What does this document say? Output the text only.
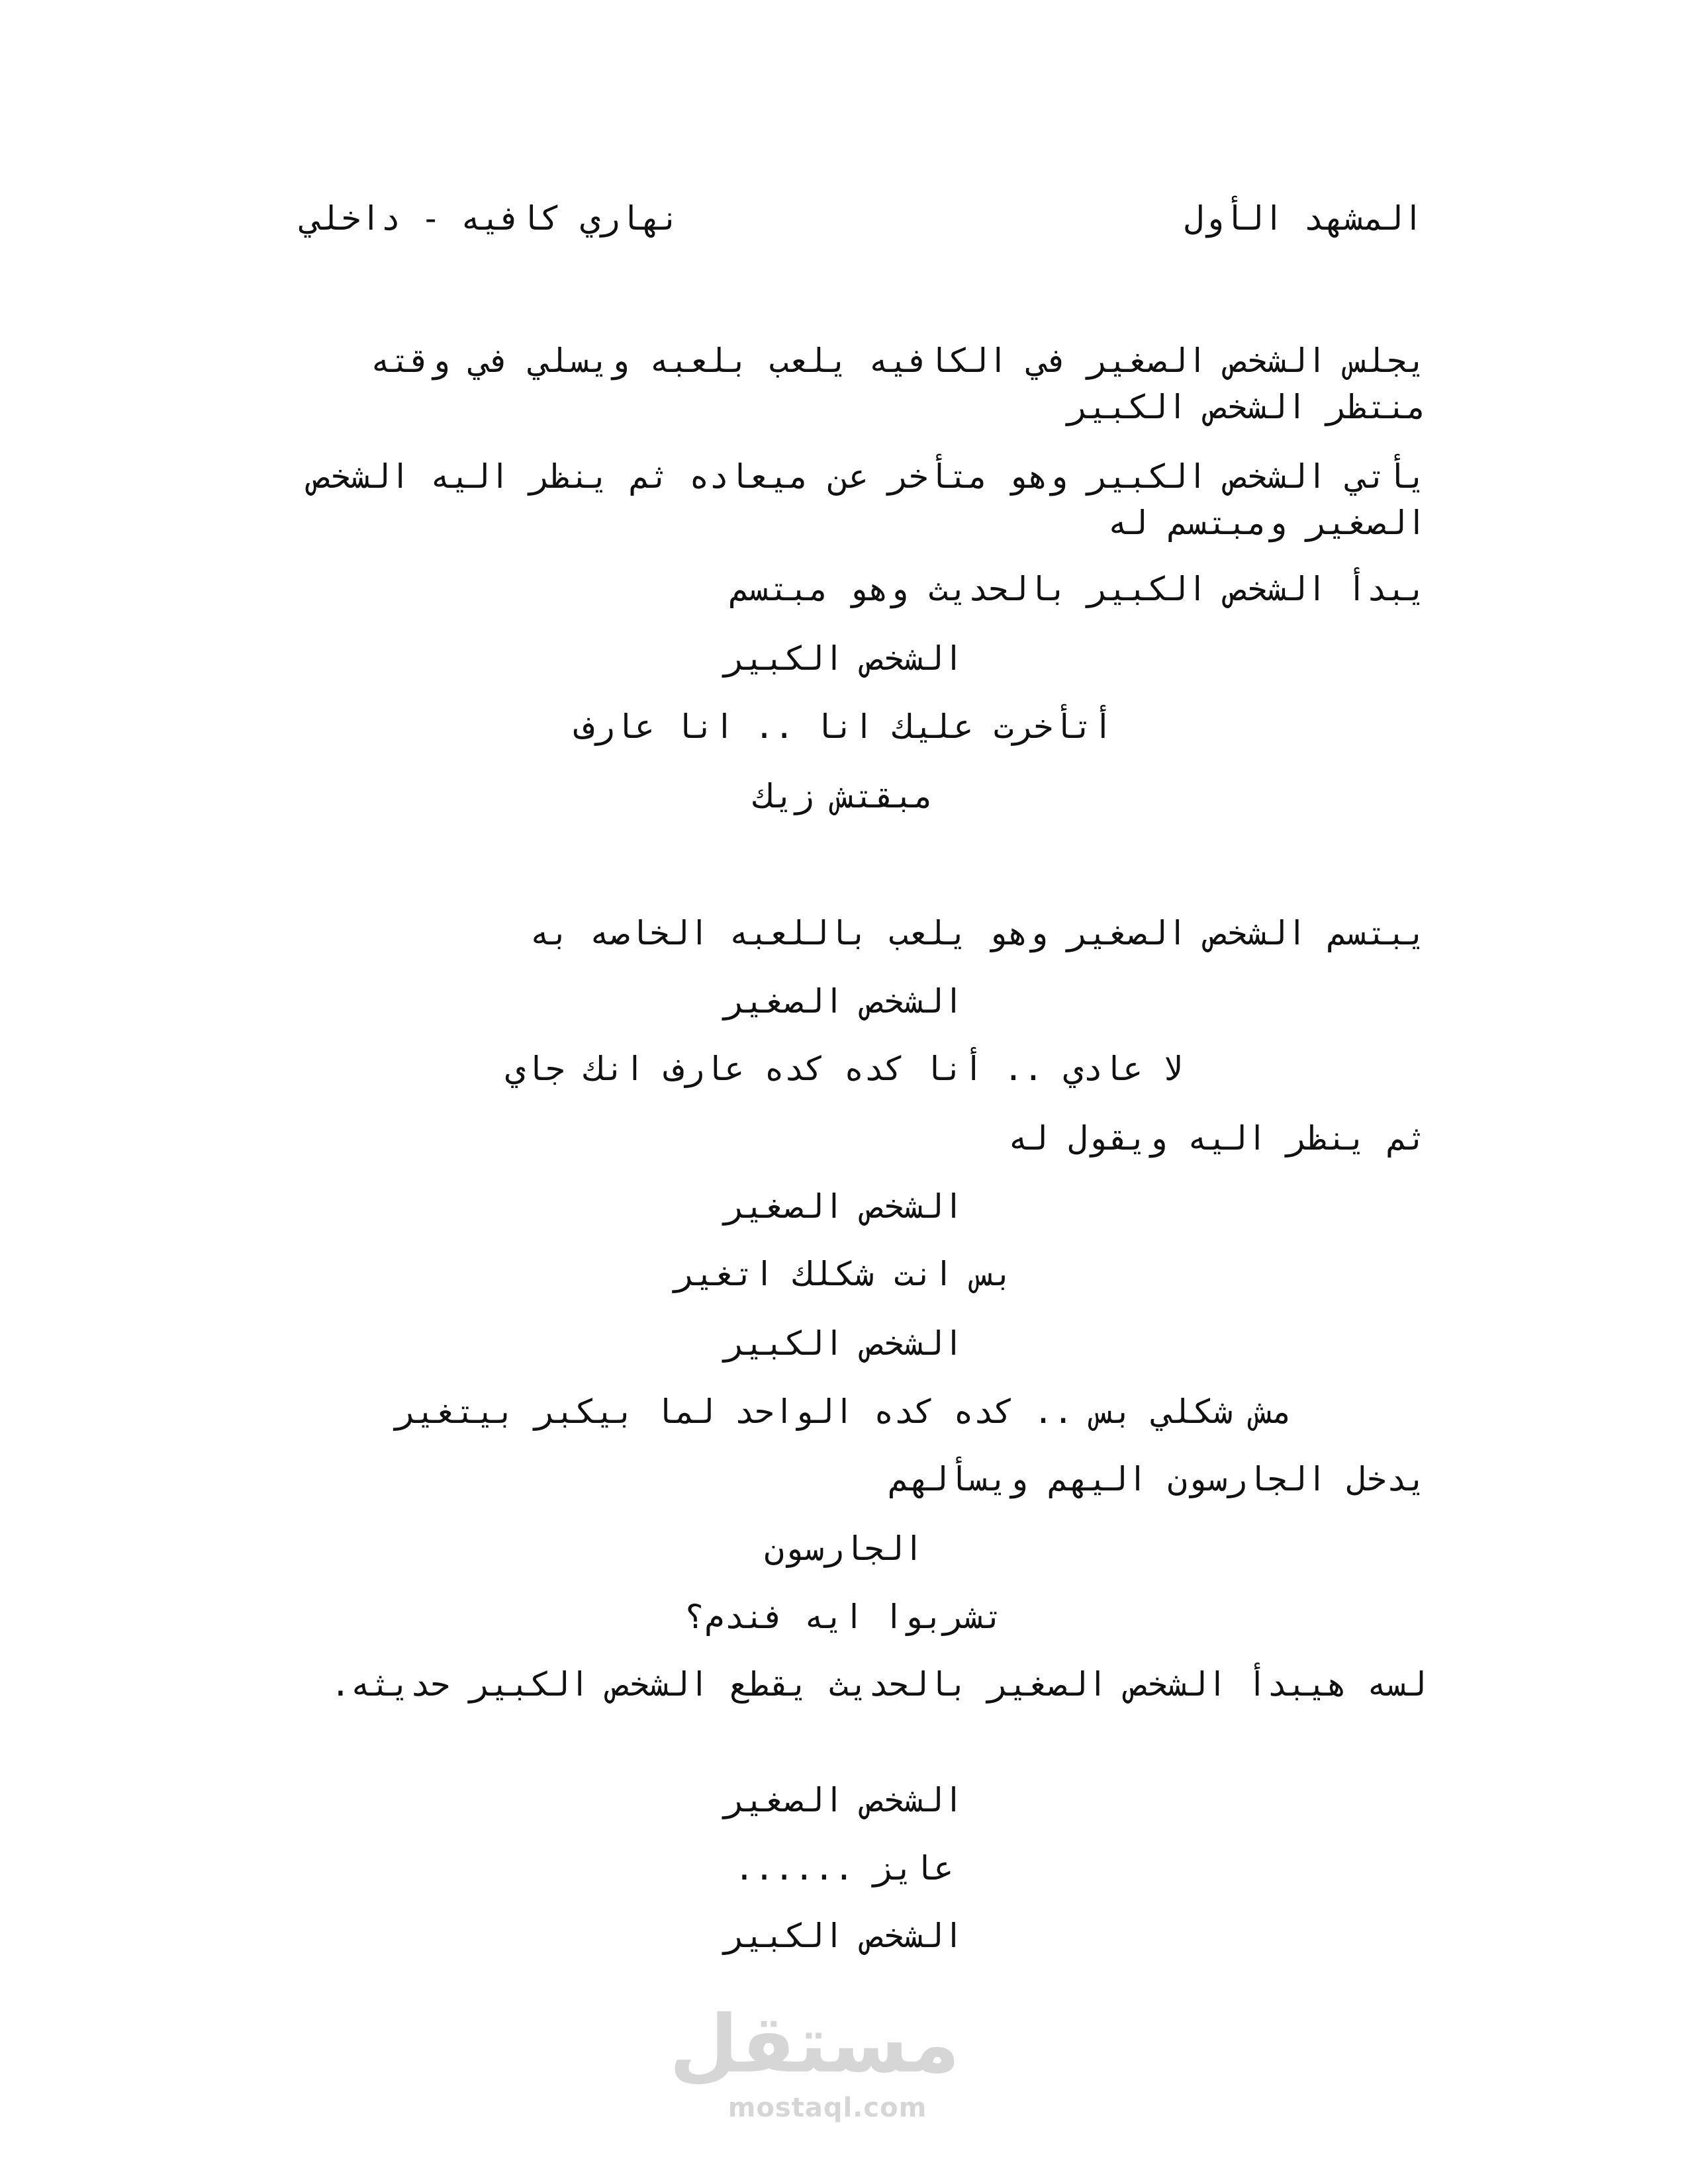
نهاري كافيه - داخلي	المشهد الأول
يجلس الشخص الصغير في الكافيه يلعب بلعبه ويسلي في وقته منتظر الشخص الكبير
يأتي الشخص الكبير وهو متأخر عن ميعاده ثم ينظر اليه الشخص الصغير ومبتسم له
يبدأ الشخص الكبير بالحديث وهو مبتسم
الشخص الكبير
أتأخرت عليك انا .. انا عارف
مبقتش زيك
يبتسم الشخص الصغير وهو يلعب باللعبه الخاصه به
الشخص الصغير
لا عادي .. أنا كده كده عارف انك جاي
ثم ينظر اليه ويقول له
الشخص الصغير
بس انت شكلك اتغير
الشخص الكبير
مش شكلي بس .. كده كده الواحد لما بيكبر بيتغير
يدخل الجارسون اليهم ويسألهم
الجارسون
تشربوا ايه فندم؟
لسه هيبدأ الشخص الصغير بالحديث يقطع الشخص الكبير حديثه.
الشخص الصغير
عايز ......
الشخص الكبير
مستقل
mostaql.com
